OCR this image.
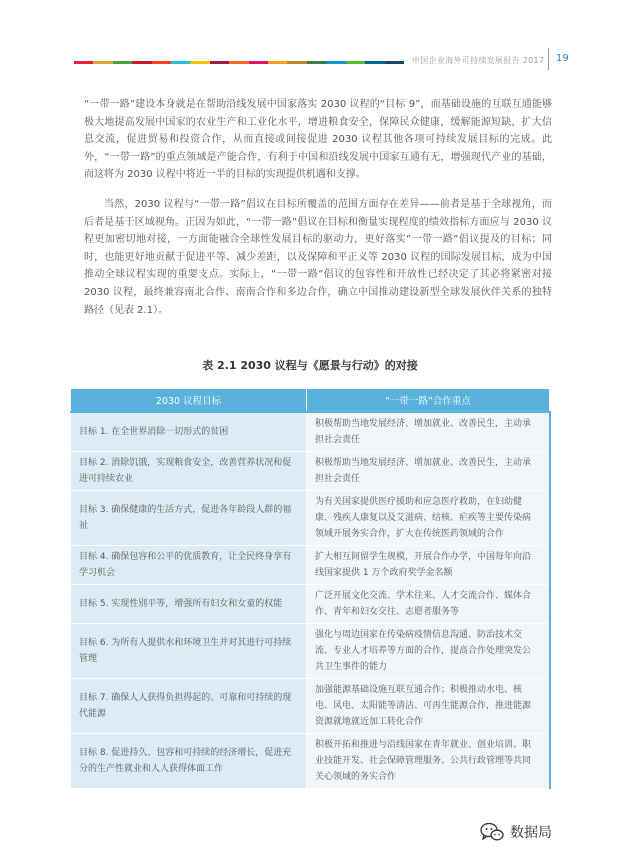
中国企业海外可持续发展报告 2017	19

“一带一路”建设本身就是在帮助沿线发展中国家落实 2030 议程的“目标 9”，而基础设施的互联互通能够极大地提高发展中国家的农业生产和工业化水平，增进粮食安全，保障民众健康，缓解能源短缺，扩大信息交流，促进贸易和投资合作，从而直接或间接促进 2030 议程其他各项可持续发展目标的完成。此外，“一带一路”的重点领域是产能合作，有利于中国和沿线发展中国家互通有无，增强现代产业的基础，而这将为 2030 议程中将近一半的目标的实现提供机遇和支撑。

当然，2030 议程与“一带一路”倡议在目标所覆盖的范围方面存在差异——前者是基于全球视角，而后者是基于区域视角。正因为如此，“一带一路”倡议在目标和衡量实现程度的绩效指标方面应与 2030 议程更加密切地对接，一方面能融合全球性发展目标的驱动力，更好落实“一带一路”倡议提及的目标；同时，也能更好地贡献于促进平等、减少差距，以及保障和平正义等 2030 议程的国际发展目标，成为中国推动全球议程实现的重要支点。实际上，“一带一路”倡议的包容性和开放性已经决定了其必将紧密对接 2030 议程，最终兼容南北合作、南南合作和多边合作，确立中国推动建设新型全球发展伙伴关系的独特路径（见表 2.1）。

表 2.1 2030 议程与《愿景与行动》的对接
2030 议程目标	“一带一路”合作重点
目标 1. 在全世界消除一切形式的贫困	积极帮助当地发展经济、增加就业、改善民生，主动承担社会责任
目标 2. 消除饥饿，实现粮食安全，改善营养状况和促进可持续农业	积极帮助当地发展经济、增加就业、改善民生，主动承担社会责任
目标 3. 确保健康的生活方式，促进各年龄段人群的福祉	为有关国家提供医疗援助和应急医疗救助，在妇幼健康、残疾人康复以及艾滋病、结核、疟疾等主要传染病领域开展务实合作，扩大在传统医药领域的合作
目标 4. 确保包容和公平的优质教育，让全民终身享有学习机会	扩大相互间留学生规模，开展合作办学，中国每年向沿线国家提供 1 万个政府奖学金名额
目标 5. 实现性别平等，增强所有妇女和女童的权能	广泛开展文化交流、学术往来、人才交流合作、媒体合作、青年和妇女交往、志愿者服务等
目标 6. 为所有人提供水和环境卫生并对其进行可持续管理	强化与周边国家在传染病疫情信息沟通、防治技术交流、专业人才培养等方面的合作，提高合作处理突发公共卫生事件的能力
目标 7. 确保人人获得负担得起的、可靠和可持续的现代能源	加强能源基础设施互联互通合作；积极推动水电、核电、风电、太阳能等清洁、可再生能源合作，推进能源资源就地就近加工转化合作
目标 8. 促进持久、包容和可持续的经济增长，促进充分的生产性就业和人人获得体面工作	积极开拓和推进与沿线国家在青年就业、创业培训、职业技能开发、社会保障管理服务、公共行政管理等共同关心领域的务实合作
数据局
